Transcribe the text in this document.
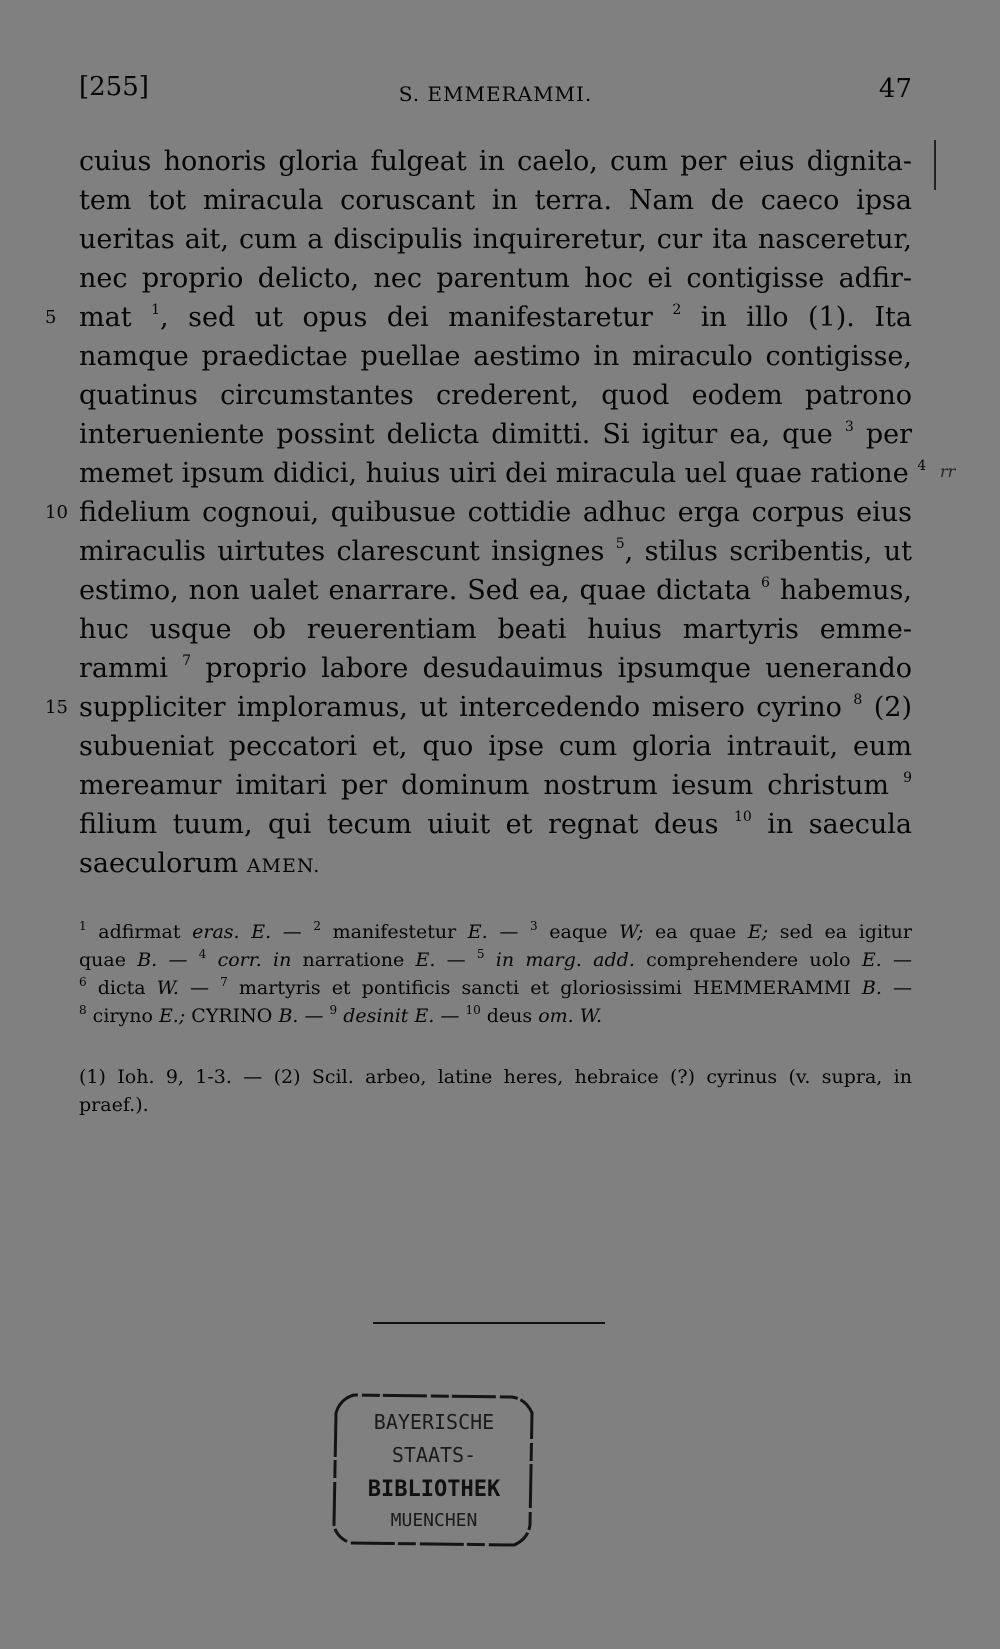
[255]	S. EMMERAMMI.	47
rr
cuius honoris gloria fulgeat in caelo, cum per eius dignita-
tem tot miracula coruscant in terra. Nam de caeco ipsa
ueritas ait, cum a discipulis inquireretur, cur ita nasceretur,
nec proprio delicto, nec parentum hoc ei contigisse adfir-
5 mat $^1$, sed ut opus dei manifestaretur $^2$ in illo (1). Ita
namque praedictae puellae aestimo in miraculo contigisse,
quatinus circumstantes crederent, quod eodem patrono
interueniente possint delicta dimitti. Si igitur ea, que $^3$ per
memet ipsum didici, huius uiri dei miracula uel quae ratione $^4$
10 fidelium cognoui, quibusue cottidie adhuc erga corpus eius
miraculis uirtutes clarescunt insignes $^5$, stilus scribentis, ut
estimo, non ualet enarrare. Sed ea, quae dictata $^6$ habemus,
huc usque ob reuerentiam beati huius martyris emme-
rammi $^7$ proprio labore desudauimus ipsumque uenerando
15 suppliciter imploramus, ut intercedendo misero cyrino $^8$ (2)
subueniat peccatori et, quo ipse cum gloria intrauit, eum
mereamur imitari per dominum nostrum iesum christum $^9$
filium tuum, qui tecum uiuit et regnat deus $^{10}$ in saecula
saeculorum AMEN.
$^1$ adfirmat eras. E. — $^2$ manifestetur E. — $^3$ eaque W; ea quae E; sed ea igitur
quae B. — $^4$ corr. in narratione E. — $^5$ in marg. add. comprehendere uolo E. —
$^6$ dicta W. — $^7$ martyris et pontificis sancti et gloriosissimi HEMMERAMMI B. —
$^8$ ciryno E.; CYRINO B. — $^9$ desinit E. — $^{10}$ deus om. W.
(1) Ioh. 9, 1-3. — (2) Scil. arbeo, latine heres, hebraice (?) cyrinus (v. supra, in
praef.).
BAYERISCHE
STAATS-
BIBLIOTHEK
MUENCHEN
